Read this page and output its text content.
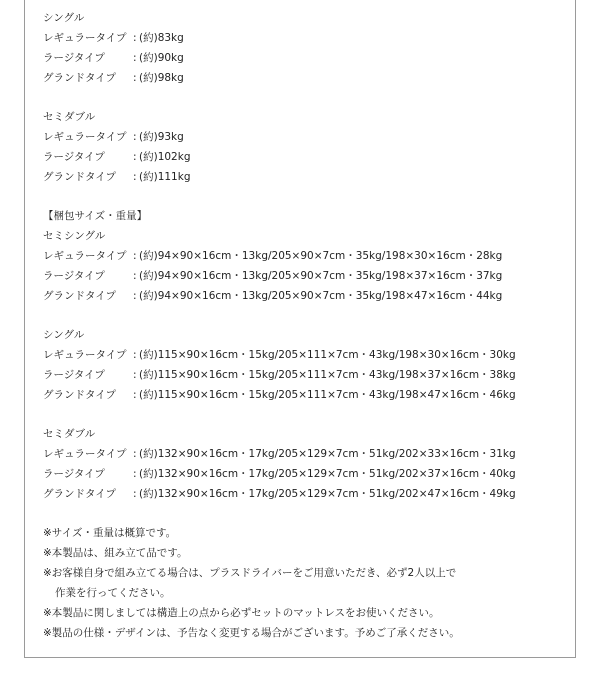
シングル
レギュラータイプ : (約)83kg
ラージタイプ	: (約)90kg
グランドタイプ	: (約)98kg
セミダブル
レギュラータイプ : (約)93kg
ラージタイプ	: (約)102kg
グランドタイプ	: (約)111kg
【梱包サイズ・重量】
セミシングル
レギュラータイプ : (約)94×90×16cm・13kg/205×90×7cm・35kg/198×30×16cm・28kg
ラージタイプ	: (約)94×90×16cm・13kg/205×90×7cm・35kg/198×37×16cm・37kg
グランドタイプ	: (約)94×90×16cm・13kg/205×90×7cm・35kg/198×47×16cm・44kg
シングル
レギュラータイプ : (約)115×90×16cm・15kg/205×111×7cm・43kg/198×30×16cm・30kg
ラージタイプ	: (約)115×90×16cm・15kg/205×111×7cm・43kg/198×37×16cm・38kg
グランドタイプ	: (約)115×90×16cm・15kg/205×111×7cm・43kg/198×47×16cm・46kg
セミダブル
レギュラータイプ : (約)132×90×16cm・17kg/205×129×7cm・51kg/202×33×16cm・31kg
ラージタイプ	: (約)132×90×16cm・17kg/205×129×7cm・51kg/202×37×16cm・40kg
グランドタイプ	: (約)132×90×16cm・17kg/205×129×7cm・51kg/202×47×16cm・49kg
※サイズ・重量は概算です。
※本製品は、組み立て品です。
※お客様自身で組み立てる場合は、プラスドライバーをご用意いただき、必ず2人以上で
作業を行ってください。
※本製品に関しましては構造上の点から必ずセットのマットレスをお使いください。
※製品の仕様・デザインは、予告なく変更する場合がございます。予めご了承ください。
